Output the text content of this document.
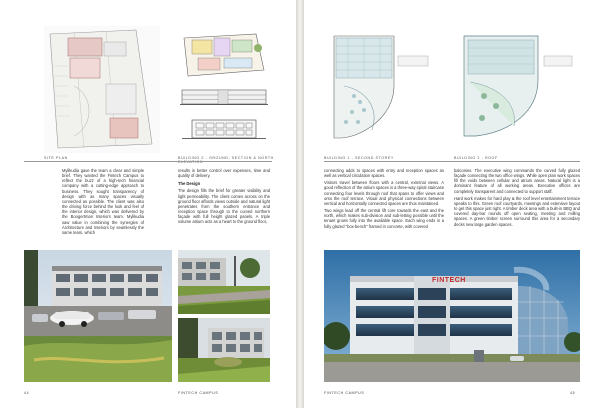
SITE PLAN	BUILDING 2 - GROUND, SECTION & NORTH ELEVATION

Mylikudia gave the team a clear and simple brief. They wanted the Fintech Campus to reflect the buzz of a high-tech financial company with a cutting-edge approach to business. They sought transparency of design with as many spaces visually connected as possible. The client was also the driving force behind the look and feel of the interior design, which was delivered by the Boogertman Interiors team. Mylikudia saw value in combining the synergies of Architecture and Interiors by seamlessly the same team, which

results in better control over expenses, time and quality of delivery.

The Design

The design fills the brief for greater visibility and light permeability. The client comes across on the ground floor affords views outside and natural light penetrates from the southern entrance and reception space through to the curved northern façade with full height glazed panels. A triple volume atrium acts as a heart to the ground floor,

44	FINTECH CAMPUS
BUILDING 1 - SECOND STOREY	BUILDING 1 - ROOF

connecting adds to spaces with entry and reception spaces as well as vertical circulation spaces.

Visitors travel between floors with a central, external views. A good reflection of the atrium spaces is a three-way spiral staircase connecting four levels through roof that spans to offer views and onto the roof terrace. Visual and physical connections between vertical and horizontally connected spaces are thus maintained.

Two wings lead off the central lift core towards the east and the north, which makes sub-division and sub-letting possible until the tenant grows fully into the available space. Each wing ends in a fully glazed "box-bench" framed in concrete, with covered

balconies. The executive wing commands the curved fully glazed façade connecting the two office wings. While open plan work spaces fill the voids between cellular and atrium areas. Natural light is a dominant feature of all working areas. Executive offices are completely transparent and connected to support staff.

Hard work makes for hard play & the roof level entertainment terrace speaks to this. Green roof courtyards, meetings and extensive layout to get this space just right. A timber deck area with a built-in BBQ and covered day-bar rounds off open seating, meeting and milling spaces. A green timber screen surround this area for a secondary decks new large garden spaces.

FINTECH
FINTECH CAMPUS	45
